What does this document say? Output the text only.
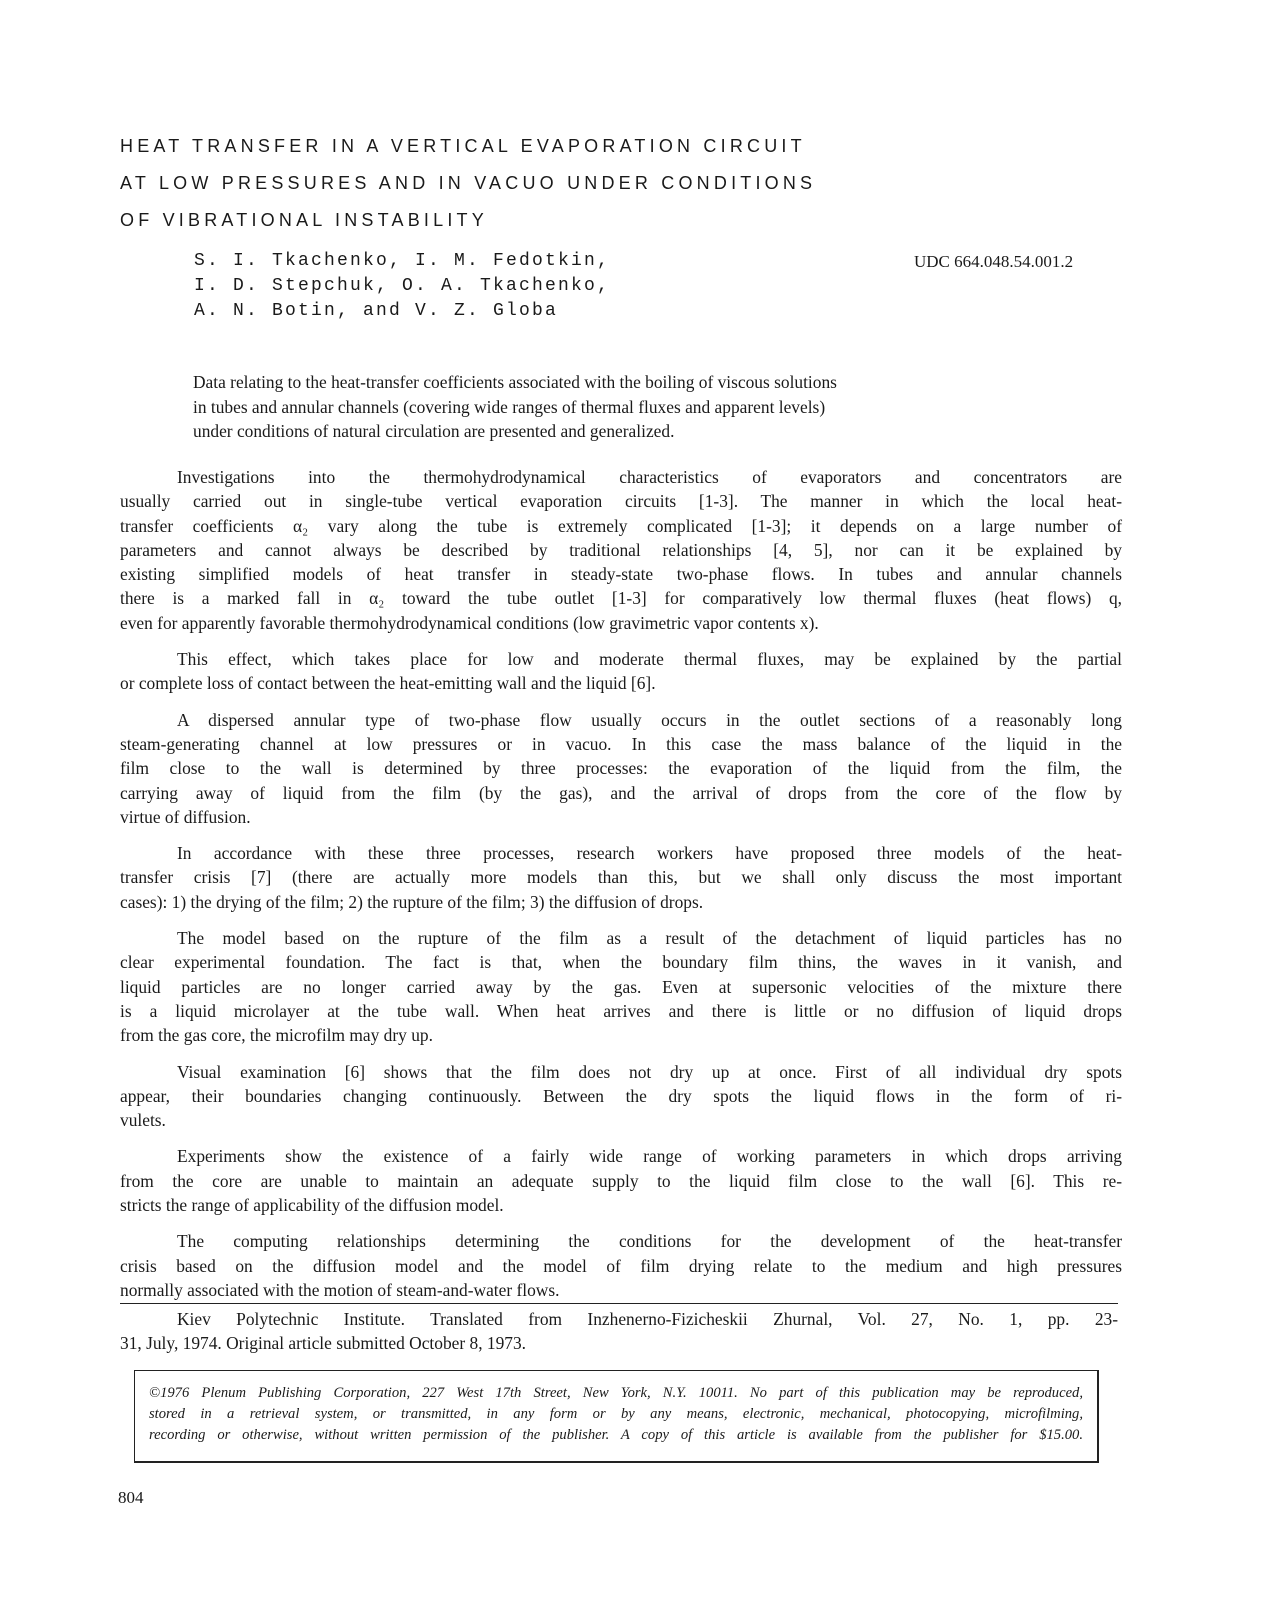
HEAT TRANSFER IN A VERTICAL EVAPORATION CIRCUIT
AT LOW PRESSURES AND IN VACUO UNDER CONDITIONS
OF VIBRATIONAL INSTABILITY
S. I. Tkachenko, I. M. Fedotkin,
I. D. Stepchuk, O. A. Tkachenko,
A. N. Botin, and V. Z. Globa
UDC 664.048.54.001.2
Data relating to the heat-transfer coefficients associated with the boiling of viscous solutions
in tubes and annular channels (covering wide ranges of thermal fluxes and apparent levels)
under conditions of natural circulation are presented and generalized.
Investigations into the thermohydrodynamical characteristics of evaporators and concentrators are
usually carried out in single-tube vertical evaporation circuits [1-3]. The manner in which the local heat-
transfer coefficients α₂ vary along the tube is extremely complicated [1-3]; it depends on a large number of
parameters and cannot always be described by traditional relationships [4, 5], nor can it be explained by
existing simplified models of heat transfer in steady-state two-phase flows. In tubes and annular channels
there is a marked fall in α₂ toward the tube outlet [1-3] for comparatively low thermal fluxes (heat flows) q,
even for apparently favorable thermohydrodynamical conditions (low gravimetric vapor contents x).
This effect, which takes place for low and moderate thermal fluxes, may be explained by the partial
or complete loss of contact between the heat-emitting wall and the liquid [6].
A dispersed annular type of two-phase flow usually occurs in the outlet sections of a reasonably long
steam-generating channel at low pressures or in vacuo. In this case the mass balance of the liquid in the
film close to the wall is determined by three processes: the evaporation of the liquid from the film, the
carrying away of liquid from the film (by the gas), and the arrival of drops from the core of the flow by
virtue of diffusion.
In accordance with these three processes, research workers have proposed three models of the heat-
transfer crisis [7] (there are actually more models than this, but we shall only discuss the most important
cases): 1) the drying of the film; 2) the rupture of the film; 3) the diffusion of drops.
The model based on the rupture of the film as a result of the detachment of liquid particles has no
clear experimental foundation. The fact is that, when the boundary film thins, the waves in it vanish, and
liquid particles are no longer carried away by the gas. Even at supersonic velocities of the mixture there
is a liquid microlayer at the tube wall. When heat arrives and there is little or no diffusion of liquid drops
from the gas core, the microfilm may dry up.
Visual examination [6] shows that the film does not dry up at once. First of all individual dry spots
appear, their boundaries changing continuously. Between the dry spots the liquid flows in the form of ri-
vulets.
Experiments show the existence of a fairly wide range of working parameters in which drops arriving
from the core are unable to maintain an adequate supply to the liquid film close to the wall [6]. This re-
stricts the range of applicability of the diffusion model.
The computing relationships determining the conditions for the development of the heat-transfer
crisis based on the diffusion model and the model of film drying relate to the medium and high pressures
normally associated with the motion of steam-and-water flows.
Kiev Polytechnic Institute. Translated from Inzhenerno-Fizicheskii Zhurnal, Vol. 27, No. 1, pp. 23-
31, July, 1974. Original article submitted October 8, 1973.
©1976 Plenum Publishing Corporation, 227 West 17th Street, New York, N.Y. 10011. No part of this publication may be reproduced,
stored in a retrieval system, or transmitted, in any form or by any means, electronic, mechanical, photocopying, microfilming,
recording or otherwise, without written permission of the publisher. A copy of this article is available from the publisher for $15.00.
804
